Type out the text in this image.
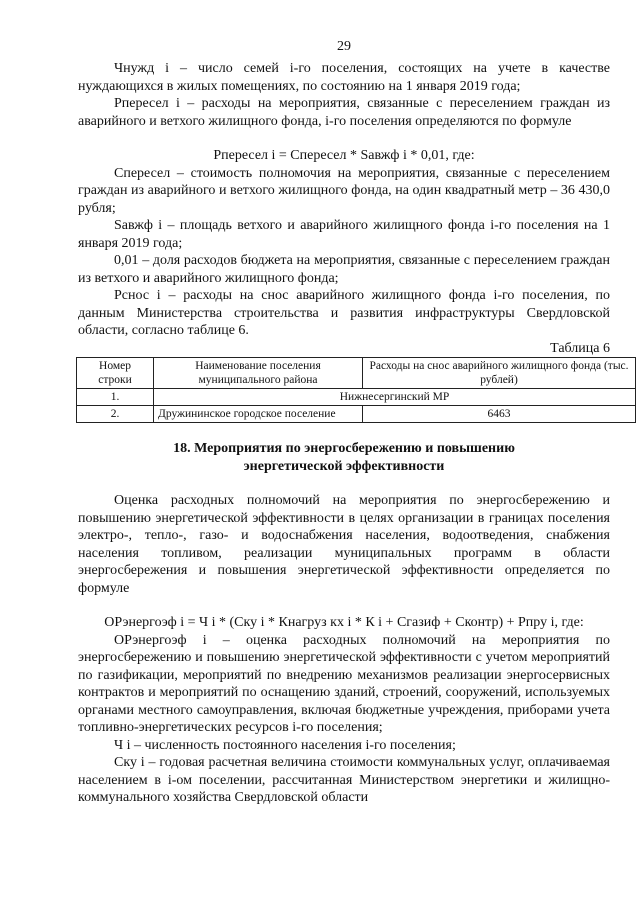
29

Чнужд i – число семей i-го поселения, состоящих на учете в качестве нуждающихся в жилых помещениях, по состоянию на 1 января 2019 года;

Рпересел i – расходы на мероприятия, связанные с переселением граждан из аварийного и ветхого жилищного фонда, i-го поселения определяются по формуле

Рпересел i = Спересел * Sавжф i * 0,01, где:

Спересел – стоимость полномочия на мероприятия, связанные с переселением граждан из аварийного и ветхого жилищного фонда, на один квадратный метр – 36 430,0 рубля;

Sавжф i – площадь ветхого и аварийного жилищного фонда i-го поселения на 1 января 2019 года;

0,01 – доля расходов бюджета на мероприятия, связанные с переселением граждан из ветхого и аварийного жилищного фонда;

Рснос i – расходы на снос аварийного жилищного фонда i-го поселения, по данным Министерства строительства и развития инфраструктуры Свердловской области, согласно таблице 6.

Таблица 6
Номер строки	Наименование поселения муниципального района	Расходы на снос аварийного жилищного фонда (тыс. рублей)
1.	Нижнесергинский МР	
2.	Дружининское городское поселение	6463
18. Мероприятия по энергосбережению и повышению
энергетической эффективности

Оценка расходных полномочий на мероприятия по энергосбережению и повышению энергетической эффективности в целях организации в границах поселения электро-, тепло-, газо- и водоснабжения населения, водоотведения, снабжения населения топливом, реализации муниципальных программ в области энергосбережения и повышения энергетической эффективности определяется по формуле

ОРэнергоэф i = Ч i * (Ску i * Кнагруз кх i * К i + Сгазиф + Сконтр) + Рпру i, где:

ОРэнергоэф i – оценка расходных полномочий на мероприятия по энергосбережению и повышению энергетической эффективности с учетом мероприятий по газификации, мероприятий по внедрению механизмов реализации энергосервисных контрактов и мероприятий по оснащению зданий, строений, сооружений, используемых органами местного самоуправления, включая бюджетные учреждения, приборами учета топливно-энергетических ресурсов i-го поселения;

Ч i – численность постоянного населения i-го поселения;

Ску i – годовая расчетная величина стоимости коммунальных услуг, оплачиваемая населением в i-ом поселении, рассчитанная Министерством энергетики и жилищно-коммунального хозяйства Свердловской области
